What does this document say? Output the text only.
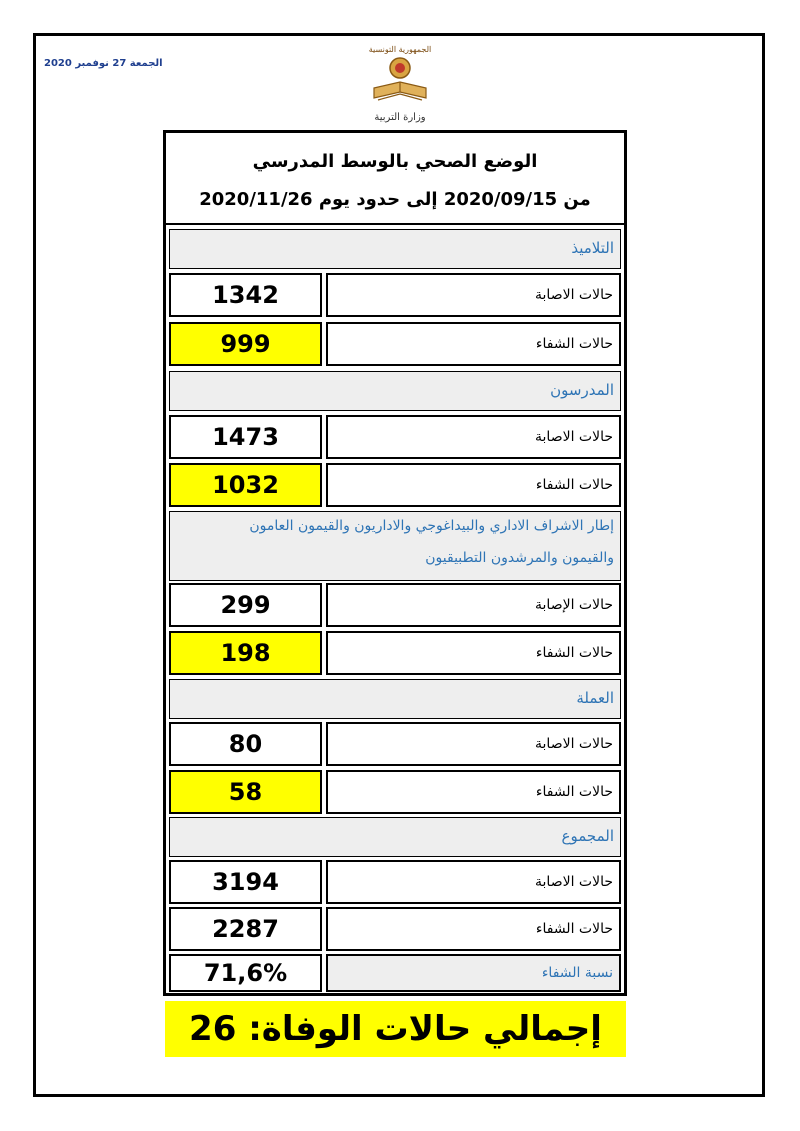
الجمعة 27 نوفمبر 2020
الجمهورية التونسية
وزارة التربية
الوضع الصحي بالوسط المدرسي
من 2020/09/15 إلى حدود يوم 2020/11/26
التلاميذ
1342	حالات الاصابة
999	حالات الشفاء
المدرسون
1473	حالات الاصابة
1032	حالات الشفاء
إطار الاشراف الاداري والبيداغوجي والاداريون والقيمون العامون
والقيمون والمرشدون التطبيقيون
299	حالات الإصابة
198	حالات الشفاء
العملة
80	حالات الاصابة
58	حالات الشفاء
المجموع
3194	حالات الاصابة
2287	حالات الشفاء
71,6%	نسبة الشفاء
إجمالي حالات الوفاة: 26
